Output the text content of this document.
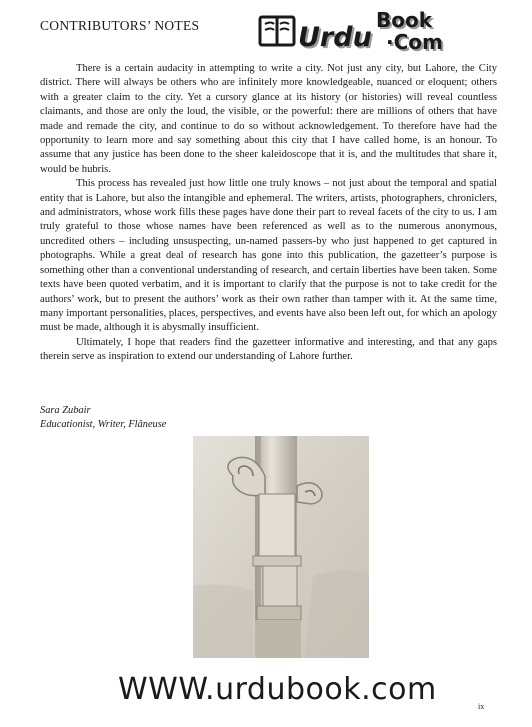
CONTRIBUTORS’ NOTES	Urdu
Book
·Com

There is a certain audacity in attempting to write a city. Not just any city, but Lahore, the City district. There will always be others who are infinitely more knowledgeable, nuanced or eloquent; others with a greater claim to the city. Yet a cursory glance at its history (or histories) will reveal countless claimants, and those are only the loud, the visible, or the powerful: there are millions of others that have made and remade the city, and continue to do so without acknowledgement. To therefore have had the opportunity to learn more and say something about this city that I have called home, is an honour. To assume that any justice has been done to the sheer kaleidoscope that it is, and the multitudes that share it, would be hubris.

This process has revealed just how little one truly knows – not just about the temporal and spatial entity that is Lahore, but also the intangible and ephemeral. The writers, artists, photographers, chroniclers, and administrators, whose work fills these pages have done their part to reveal facets of the city to us. I am truly grateful to those whose names have been referenced as well as to the numerous anonymous, uncredited others – including unsuspecting, un-named passers-by who just happened to get captured in photographs. While a great deal of research has gone into this publication, the gazetteer’s purpose is something other than a conventional understanding of research, and certain liberties have been taken. Some texts have been quoted verbatim, and it is important to clarify that the purpose is not to take credit for the authors’ work, but to present the authors’ work as their own rather than tamper with it. At the same time, many important personalities, places, perspectives, and events have also been left out, for which an apology must be made, although it is abysmally insufficient.

Ultimately, I hope that readers find the gazetteer informative and interesting, and that any gaps therein serve as inspiration to extend our understanding of Lahore further.

Sara Zubair
Educationist, Writer, Flâneuse
WWW.urdubook.com	ix
